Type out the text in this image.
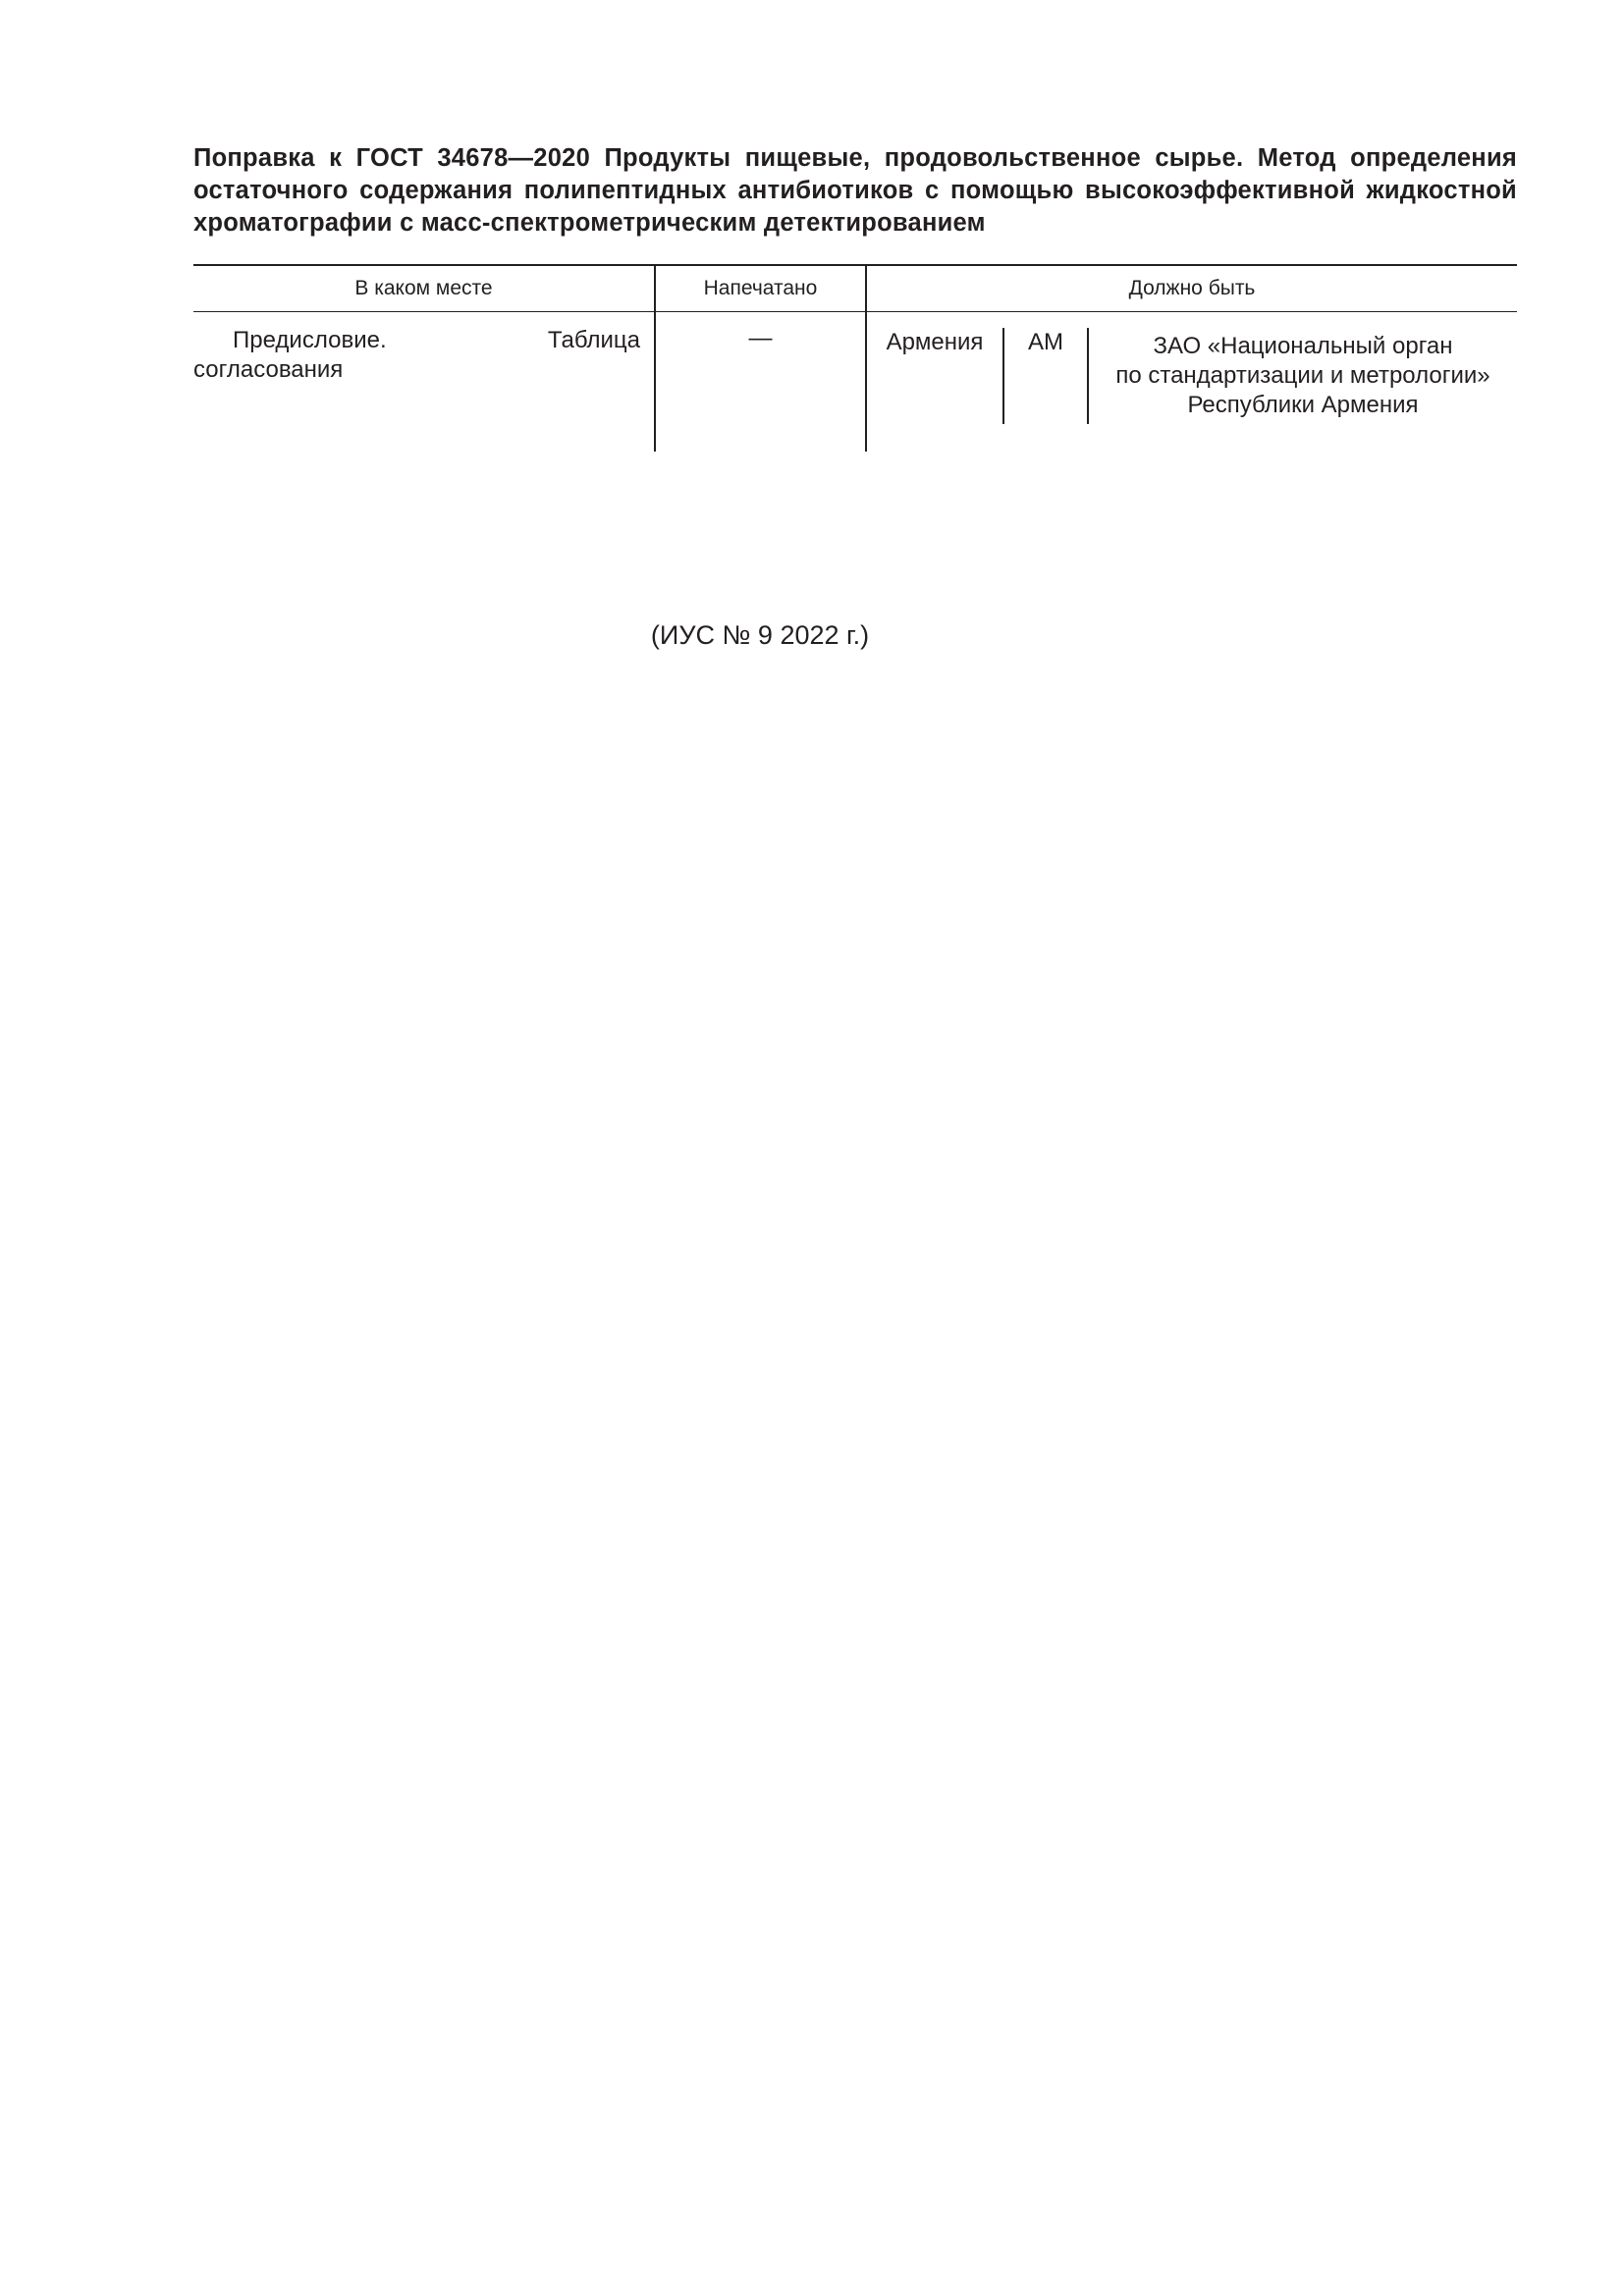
Поправка к ГОСТ 34678—2020 Продукты пищевые, продовольственное сырье. Метод определения остаточного содержания полипептидных антибиотиков с помощью высокоэффективной жидкостной хроматографии с масс-спектрометрическим детектированием

В каком месте	Напечатано	Должно быть
Предисловие. Таблица согласования	—	Армения AM ЗАО «Национальный орган
по стандартизации и метрологии»
Республики Армения
(ИУС № 9 2022 г.)
